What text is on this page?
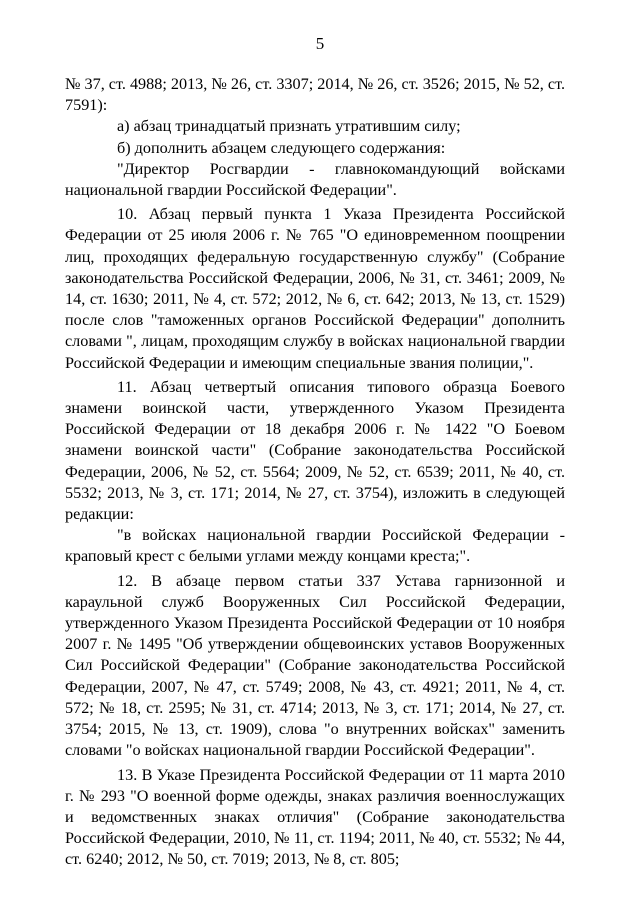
5

№ 37, ст. 4988; 2013, № 26, ст. 3307; 2014, № 26, ст. 3526; 2015, № 52, ст. 7591):

а) абзац тринадцатый признать утратившим силу;

б) дополнить абзацем следующего содержания:

"Директор Росгвардии - главнокомандующий войсками национальной гвардии Российской Федерации".

10. Абзац первый пункта 1 Указа Президента Российской Федерации от 25 июля 2006 г. № 765 "О единовременном поощрении лиц, проходящих федеральную государственную службу" (Собрание законодательства Российской Федерации, 2006, № 31, ст. 3461; 2009, № 14, ст. 1630; 2011, № 4, ст. 572; 2012, № 6, ст. 642; 2013, № 13, ст. 1529) после слов "таможенных органов Российской Федерации" дополнить словами ", лицам, проходящим службу в войсках национальной гвардии Российской Федерации и имеющим специальные звания полиции,".

11. Абзац четвертый описания типового образца Боевого знамени воинской части, утвержденного Указом Президента Российской Федерации от 18 декабря 2006 г. № 1422 "О Боевом знамени воинской части" (Собрание законодательства Российской Федерации, 2006, № 52, ст. 5564; 2009, № 52, ст. 6539; 2011, № 40, ст. 5532; 2013, № 3, ст. 171; 2014, № 27, ст. 3754), изложить в следующей редакции:

"в войсках национальной гвардии Российской Федерации - краповый крест с белыми углами между концами креста;".

12. В абзаце первом статьи 337 Устава гарнизонной и караульной служб Вооруженных Сил Российской Федерации, утвержденного Указом Президента Российской Федерации от 10 ноября 2007 г. № 1495 "Об утверждении общевоинских уставов Вооруженных Сил Российской Федерации" (Собрание законодательства Российской Федерации, 2007, № 47, ст. 5749; 2008, № 43, ст. 4921; 2011, № 4, ст. 572; № 18, ст. 2595; № 31, ст. 4714; 2013, № 3, ст. 171; 2014, № 27, ст. 3754; 2015, № 13, ст. 1909), слова "о внутренних войсках" заменить словами "о войсках национальной гвардии Российской Федерации".

13. В Указе Президента Российской Федерации от 11 марта 2010 г. № 293 "О военной форме одежды, знаках различия военнослужащих и ведомственных знаках отличия" (Собрание законодательства Российской Федерации, 2010, № 11, ст. 1194; 2011, № 40, ст. 5532; № 44, ст. 6240; 2012, № 50, ст. 7019; 2013, № 8, ст. 805;
